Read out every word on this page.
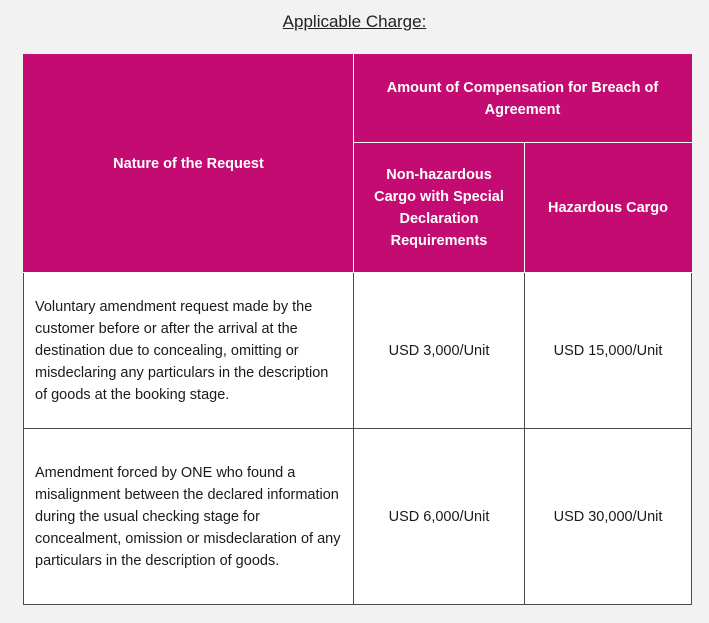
Applicable Charge:
Nature of the Request	Amount of Compensation for Breach of Agreement	

	Non-hazardous Cargo with Special Declaration Requirements	Hazardous Cargo

Voluntary amendment request made by the customer before or after the arrival at the destination due to concealing, omitting or misdeclaring any particulars in the description of goods at the booking stage.	USD 3,000/Unit	USD 15,000/Unit
Amendment forced by ONE who found a misalignment between the declared information during the usual checking stage for concealment, omission or misdeclaration of any particulars in the description of goods.	USD 6,000/Unit	USD 30,000/Unit
